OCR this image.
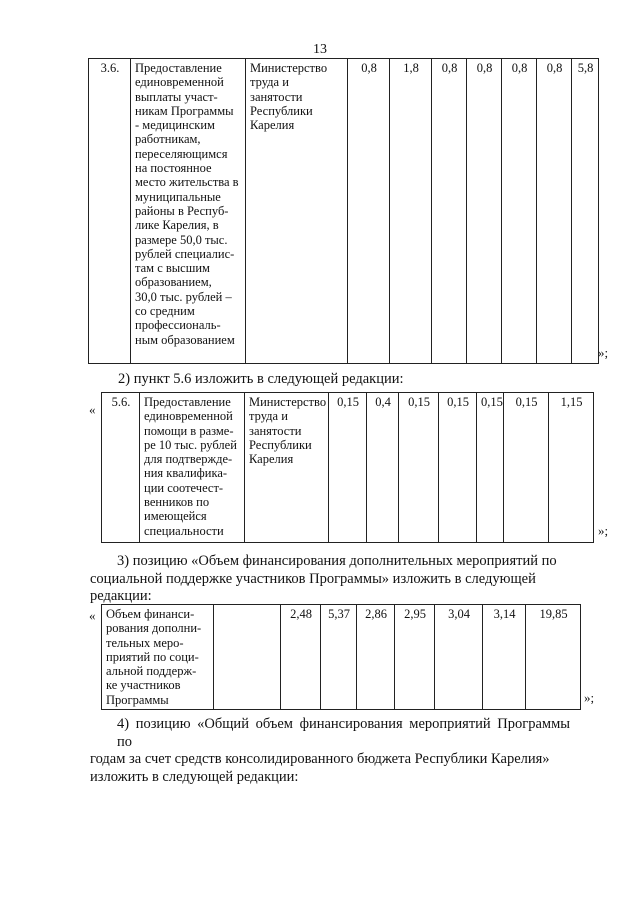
13
3.6.	Предоставление
единовременной
выплаты участ-
никам Программы
- медицинским
работникам,
переселяющимся
на постоянное
место жительства в
муниципальные
районы в Респуб-
лике Карелия, в
размере 50,0 тыс.
рублей специалис-
там с высшим
образованием,
30,0 тыс. рублей –
со средним
профессиональ-
ным образованием

Министерство
труда и
занятости
Республики
Карелия
	0,8	1,8	0,8	0,8	0,8	0,8	5,8
»;
2) пункт 5.6 изложить в следующей редакции:
« 5.6.	Предоставление
единовременной
помощи в разме-
ре 10 тыс. рублей
для подтвержде-
ния квалифика-
ции соотечест-
венников по
имеющейся
специальности

Министерство
труда и
занятости
Республики
Карелия
	0,15	0,4	0,15	0,15	0,15	0,15	1,15
»;
3) позицию «Объем финансирования дополнительных мероприятий по
социальной поддержке участников Программы» изложить в следующей
редакции:
« Объем финанси-
рования дополни-
тельных меро-
приятий по соци-
альной поддерж-
ке участников
Программы
		2,48	5,37	2,86	2,95	3,04	3,14	19,85
»;
4) позицию «Общий объем финансирования мероприятий Программы по
годам за счет средств консолидированного бюджета Республики Карелия»
изложить в следующей редакции:
